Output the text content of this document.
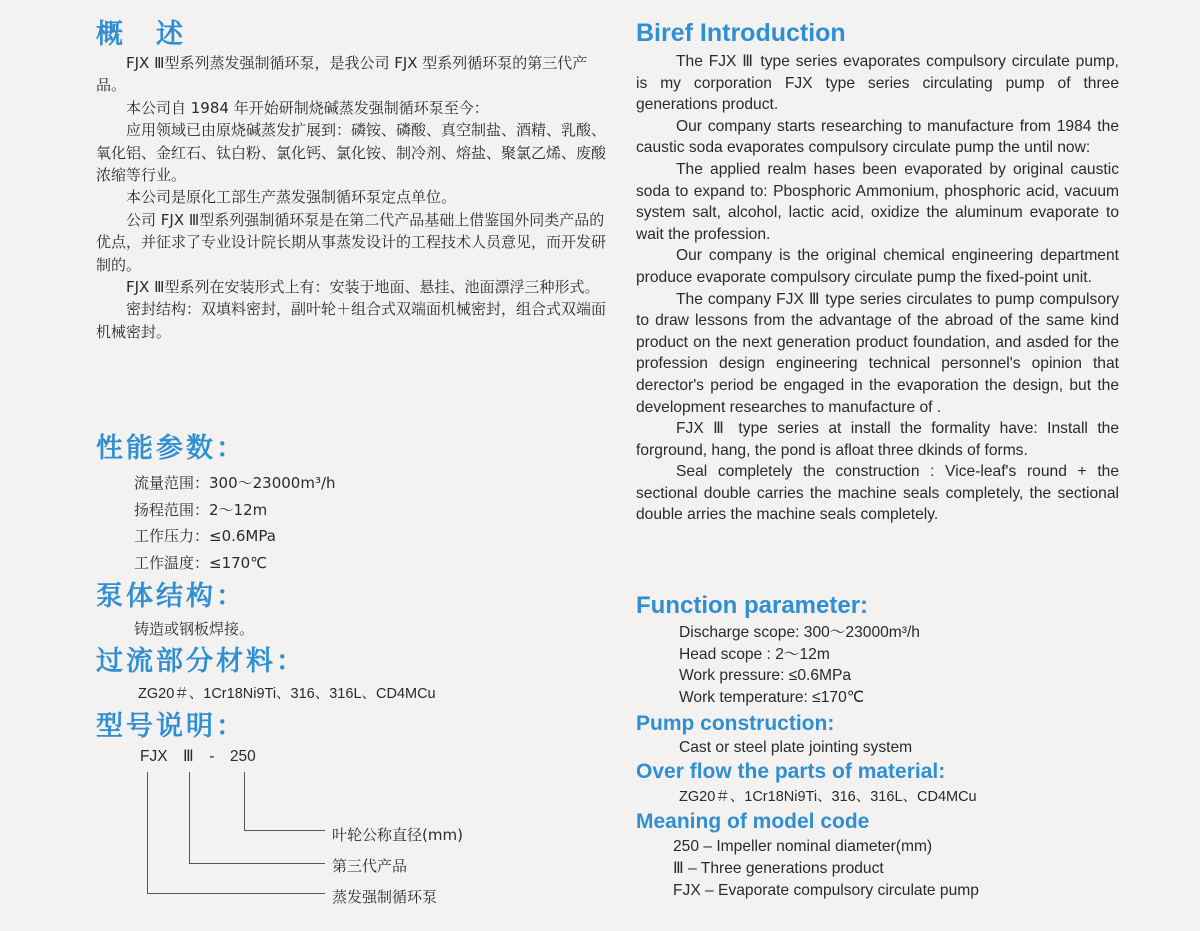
概　述

FJX Ⅲ型系列蒸发强制循环泵，是我公司 FJX 型系列循环泵的第三代产品。

本公司自 1984 年开始研制烧碱蒸发强制循环泵至今：

应用领域已由原烧碱蒸发扩展到：磷铵、磷酸、真空制盐、酒精、乳酸、氧化铝、金红石、钛白粉、氯化钙、氯化铵、制冷剂、熔盐、聚氯乙烯、废酸浓缩等行业。

本公司是原化工部生产蒸发强制循环泵定点单位。

公司 FJX Ⅲ型系列强制循环泵是在第二代产品基础上借鉴国外同类产品的优点，并征求了专业设计院长期从事蒸发设计的工程技术人员意见，而开发研制的。

FJX Ⅲ型系列在安装形式上有：安装于地面、悬挂、池面漂浮三种形式。

密封结构：双填料密封，副叶轮＋组合式双端面机械密封，组合式双端面机械密封。

性能参数：

流量范围：300～23000m³/h

扬程范围：2～12m

工作压力：≤0.6MPa

工作温度：≤170℃

泵体结构：

铸造或钢板焊接。

过流部分材料：

ZG20＃、1Cr18Ni9Ti、316、316L、CD4MCu

型号说明：

FJX　Ⅲ　-　250

叶轮公称直径(mm)

第三代产品

蒸发强制循环泵

Biref Introduction

The FJX Ⅲ type series evaporates compulsory circulate pump, is my corporation FJX type series circulating pump of three generations product.

Our company starts researching to manufacture from 1984 the caustic soda evaporates compulsory circulate pump the until now:

The applied realm hases been evaporated by original caustic soda to expand to: Pbosphoric Ammonium, phosphoric acid, vacuum system salt, alcohol, lactic acid, oxidize the aluminum evaporate to wait the profession.

Our company is the original chemical engineering department produce evaporate compulsory circulate pump the fixed-point unit.

The company FJX Ⅲ type series circulates to pump compulsory to draw lessons from the advantage of the abroad of the same kind product on the next generation product foundation, and asded for the profession design engineering technical personnel's opinion that derector's period be engaged in the evaporation the design, but the development researches to manufacture of .

FJX Ⅲ type series at install the formality have: Install the forground, hang, the pond is afloat three dkinds of forms.

Seal completely the construction : Vice-leaf's round + the sectional double carries the machine seals completely, the sectional double arries the machine seals completely.

Function parameter:

Discharge scope: 300～23000m³/h

Head scope : 2～12m

Work pressure: ≤0.6MPa

Work temperature: ≤170℃

Pump construction:

Cast or steel plate jointing system

Over flow the parts of material:

ZG20＃、1Cr18Ni9Ti、316、316L、CD4MCu

Meaning of model code

250 – Impeller nominal diameter(mm)

Ⅲ – Three generations product

FJX – Evaporate compulsory circulate pump
